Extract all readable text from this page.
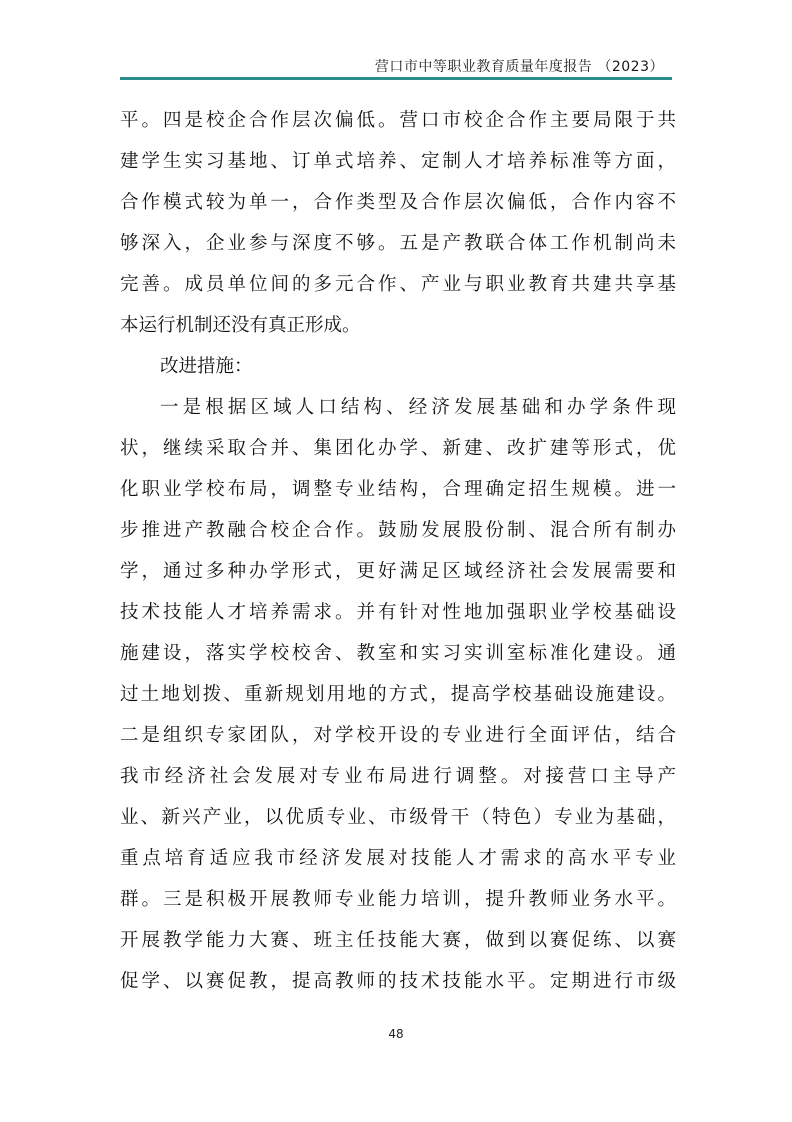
营口市中等职业教育质量年度报告 （2023）
平。四是校企合作层次偏低。营口市校企合作主要局限于共
建学生实习基地、订单式培养、定制人才培养标准等方面，
合作模式较为单一，合作类型及合作层次偏低，合作内容不
够深入，企业参与深度不够。五是产教联合体工作机制尚未
完善。成员单位间的多元合作、产业与职业教育共建共享基
本运行机制还没有真正形成。
改进措施：
一是根据区域人口结构、经济发展基础和办学条件现
状，继续采取合并、集团化办学、新建、改扩建等形式，优
化职业学校布局，调整专业结构，合理确定招生规模。进一
步推进产教融合校企合作。鼓励发展股份制、混合所有制办
学，通过多种办学形式，更好满足区域经济社会发展需要和
技术技能人才培养需求。并有针对性地加强职业学校基础设
施建设，落实学校校舍、教室和实习实训室标准化建设。通
过土地划拨、重新规划用地的方式，提高学校基础设施建设。
二是组织专家团队，对学校开设的专业进行全面评估，结合
我市经济社会发展对专业布局进行调整。对接营口主导产
业、新兴产业，以优质专业、市级骨干（特色）专业为基础，
重点培育适应我市经济发展对技能人才需求的高水平专业
群。三是积极开展教师专业能力培训，提升教师业务水平。
开展教学能力大赛、班主任技能大赛，做到以赛促练、以赛
促学、以赛促教，提高教师的技术技能水平。定期进行市级
48
